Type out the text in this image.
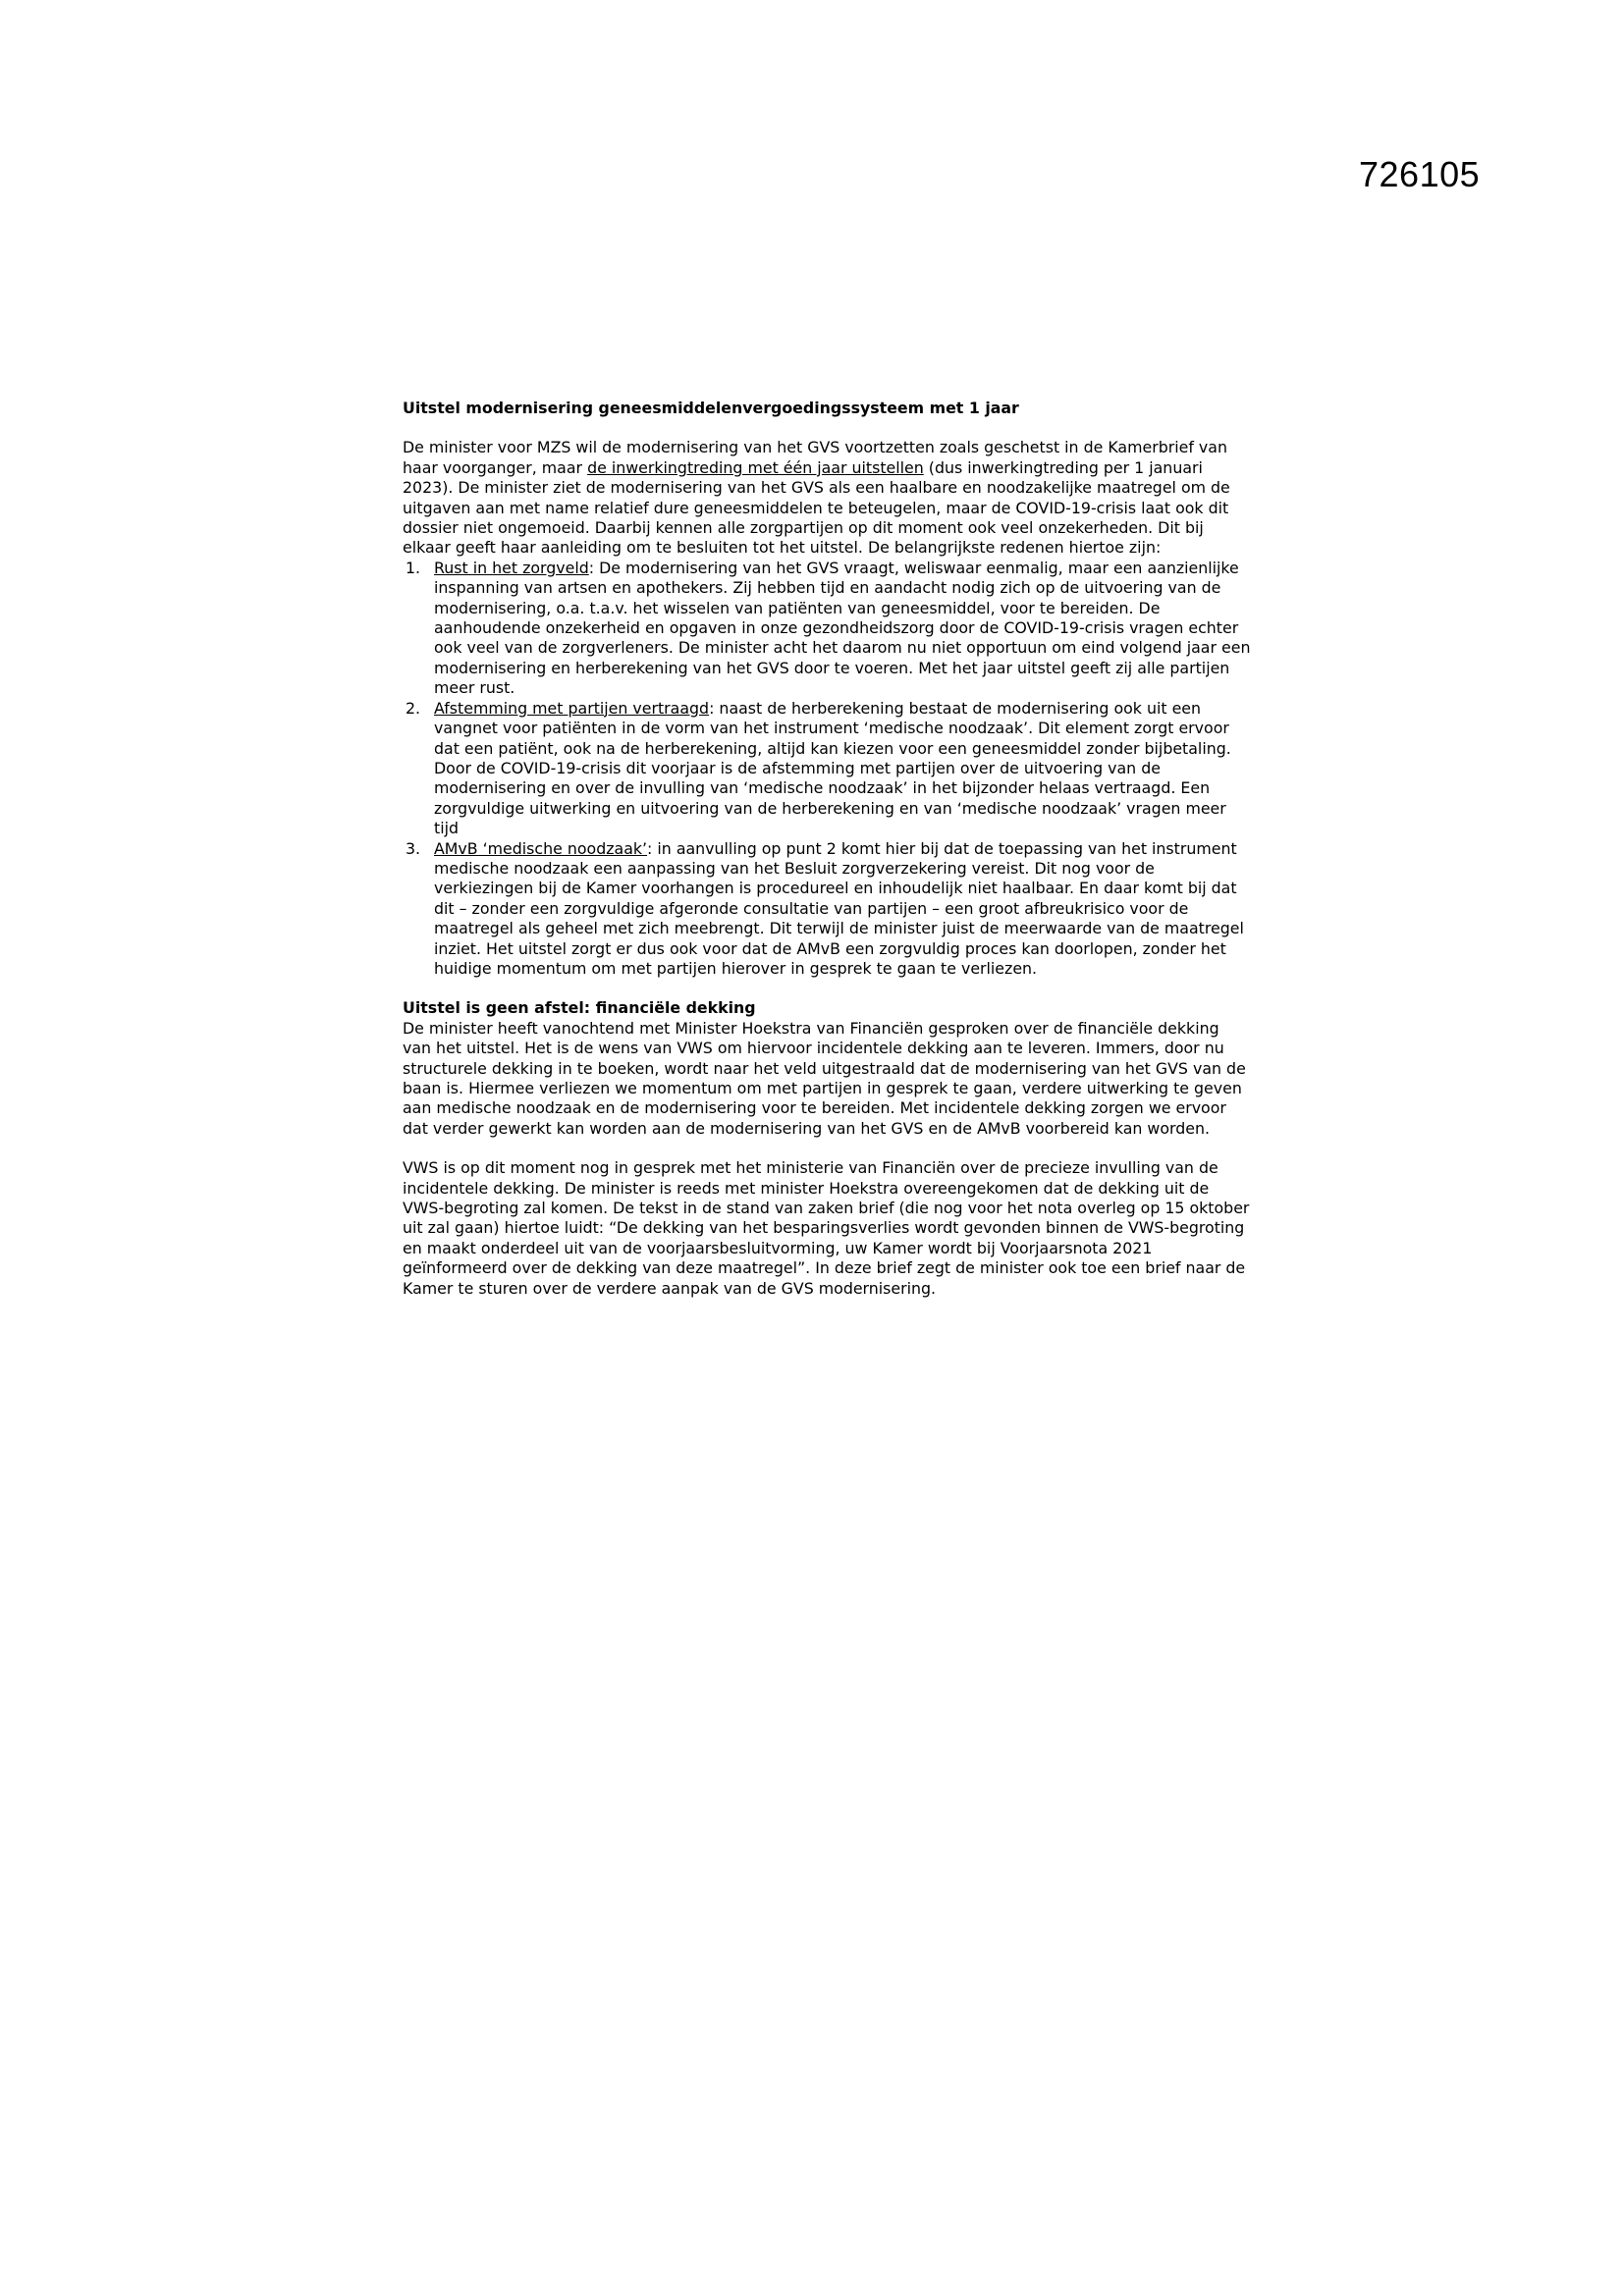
726105

Uitstel modernisering geneesmiddelenvergoedingssysteem met 1 jaar

De minister voor MZS wil de modernisering van het GVS voortzetten zoals geschetst in de Kamerbrief van haar voorganger, maar de inwerkingtreding met één jaar uitstellen (dus inwerkingtreding per 1 januari 2023). De minister ziet de modernisering van het GVS als een haalbare en noodzakelijke maatregel om de uitgaven aan met name relatief dure geneesmiddelen te beteugelen, maar de COVID-19-crisis laat ook dit dossier niet ongemoeid. Daarbij kennen alle zorgpartijen op dit moment ook veel onzekerheden. Dit bij elkaar geeft haar aanleiding om te besluiten tot het uitstel. De belangrijkste redenen hiertoe zijn:

1. Rust in het zorgveld: De modernisering van het GVS vraagt, weliswaar eenmalig, maar een aanzienlijke inspanning van artsen en apothekers. Zij hebben tijd en aandacht nodig zich op de uitvoering van de modernisering, o.a. t.a.v. het wisselen van patiënten van geneesmiddel, voor te bereiden. De aanhoudende onzekerheid en opgaven in onze gezondheidszorg door de COVID-19-crisis vragen echter ook veel van de zorgverleners. De minister acht het daarom nu niet opportuun om eind volgend jaar een modernisering en herberekening van het GVS door te voeren. Met het jaar uitstel geeft zij alle partijen meer rust.
2. Afstemming met partijen vertraagd: naast de herberekening bestaat de modernisering ook uit een vangnet voor patiënten in de vorm van het instrument ‘medische noodzaak’. Dit element zorgt ervoor dat een patiënt, ook na de herberekening, altijd kan kiezen voor een geneesmiddel zonder bijbetaling. Door de COVID-19-crisis dit voorjaar is de afstemming met partijen over de uitvoering van de modernisering en over de invulling van ‘medische noodzaak’ in het bijzonder helaas vertraagd. Een zorgvuldige uitwerking en uitvoering van de herberekening en van ‘medische noodzaak’ vragen meer tijd
3. AMvB ‘medische noodzaak’: in aanvulling op punt 2 komt hier bij dat de toepassing van het instrument medische noodzaak een aanpassing van het Besluit zorgverzekering vereist. Dit nog voor de verkiezingen bij de Kamer voorhangen is procedureel en inhoudelijk niet haalbaar. En daar komt bij dat dit – zonder een zorgvuldige afgeronde consultatie van partijen – een groot afbreukrisico voor de maatregel als geheel met zich meebrengt. Dit terwijl de minister juist de meerwaarde van de maatregel inziet. Het uitstel zorgt er dus ook voor dat de AMvB een zorgvuldig proces kan doorlopen, zonder het huidige momentum om met partijen hierover in gesprek te gaan te verliezen.

Uitstel is geen afstel: financiële dekking

De minister heeft vanochtend met Minister Hoekstra van Financiën gesproken over de financiële dekking van het uitstel. Het is de wens van VWS om hiervoor incidentele dekking aan te leveren. Immers, door nu structurele dekking in te boeken, wordt naar het veld uitgestraald dat de modernisering van het GVS van de baan is. Hiermee verliezen we momentum om met partijen in gesprek te gaan, verdere uitwerking te geven aan medische noodzaak en de modernisering voor te bereiden. Met incidentele dekking zorgen we ervoor dat verder gewerkt kan worden aan de modernisering van het GVS en de AMvB voorbereid kan worden.

VWS is op dit moment nog in gesprek met het ministerie van Financiën over de precieze invulling van de incidentele dekking. De minister is reeds met minister Hoekstra overeengekomen dat de dekking uit de VWS-begroting zal komen. De tekst in de stand van zaken brief (die nog voor het nota overleg op 15 oktober uit zal gaan) hiertoe luidt: “De dekking van het besparingsverlies wordt gevonden binnen de VWS-begroting en maakt onderdeel uit van de voorjaarsbesluitvorming, uw Kamer wordt bij Voorjaarsnota 2021 geïnformeerd over de dekking van deze maatregel”. In deze brief zegt de minister ook toe een brief naar de Kamer te sturen over de verdere aanpak van de GVS modernisering.
